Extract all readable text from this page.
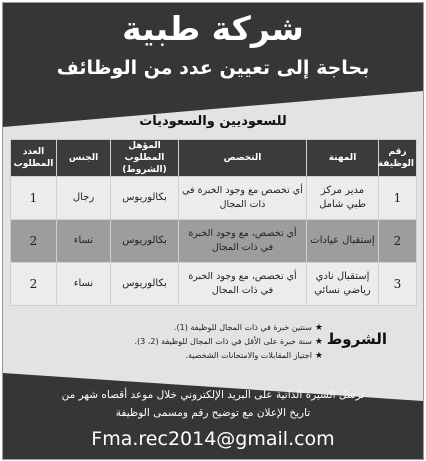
شركة طبية
بحاجة إلى تعيين عدد من الوظائف
للسعوديين والسعوديات
رقم الوظيفة	المهنة	التخصص	المؤهل المطلوب (الشروط)	الجنس	العدد المطلوب
1	مدير مركز طبي شامل	أي تخصص مع وجود الخبرة في ذات المجال	بكالوريوس	رجال	1
2	إستقبال عيادات	أي تخصص، مع وجود الخبرة في ذات المجال	بكالوريوس	نساء	2
3	إستقبال نادي رياضي نسائي	أي تخصص، مع وجود الخبرة في ذات المجال	بكالوريوس	نساء	2
الشروط
★سنتين خبرة في ذات المجال للوظيفة (1).
★سنة خبرة على الأقل في ذات المجال للوظيفة (2، 3).
★اجتياز المقابلات والامتحانات الشخصية.
ترسل السيرة الذاتية على البريد الإلكتروني خلال موعد أقصاه شهر من
تاريخ الإعلان مع توضيح رقم ومسمى الوظيفة
Fma.rec2014@gmail.com
